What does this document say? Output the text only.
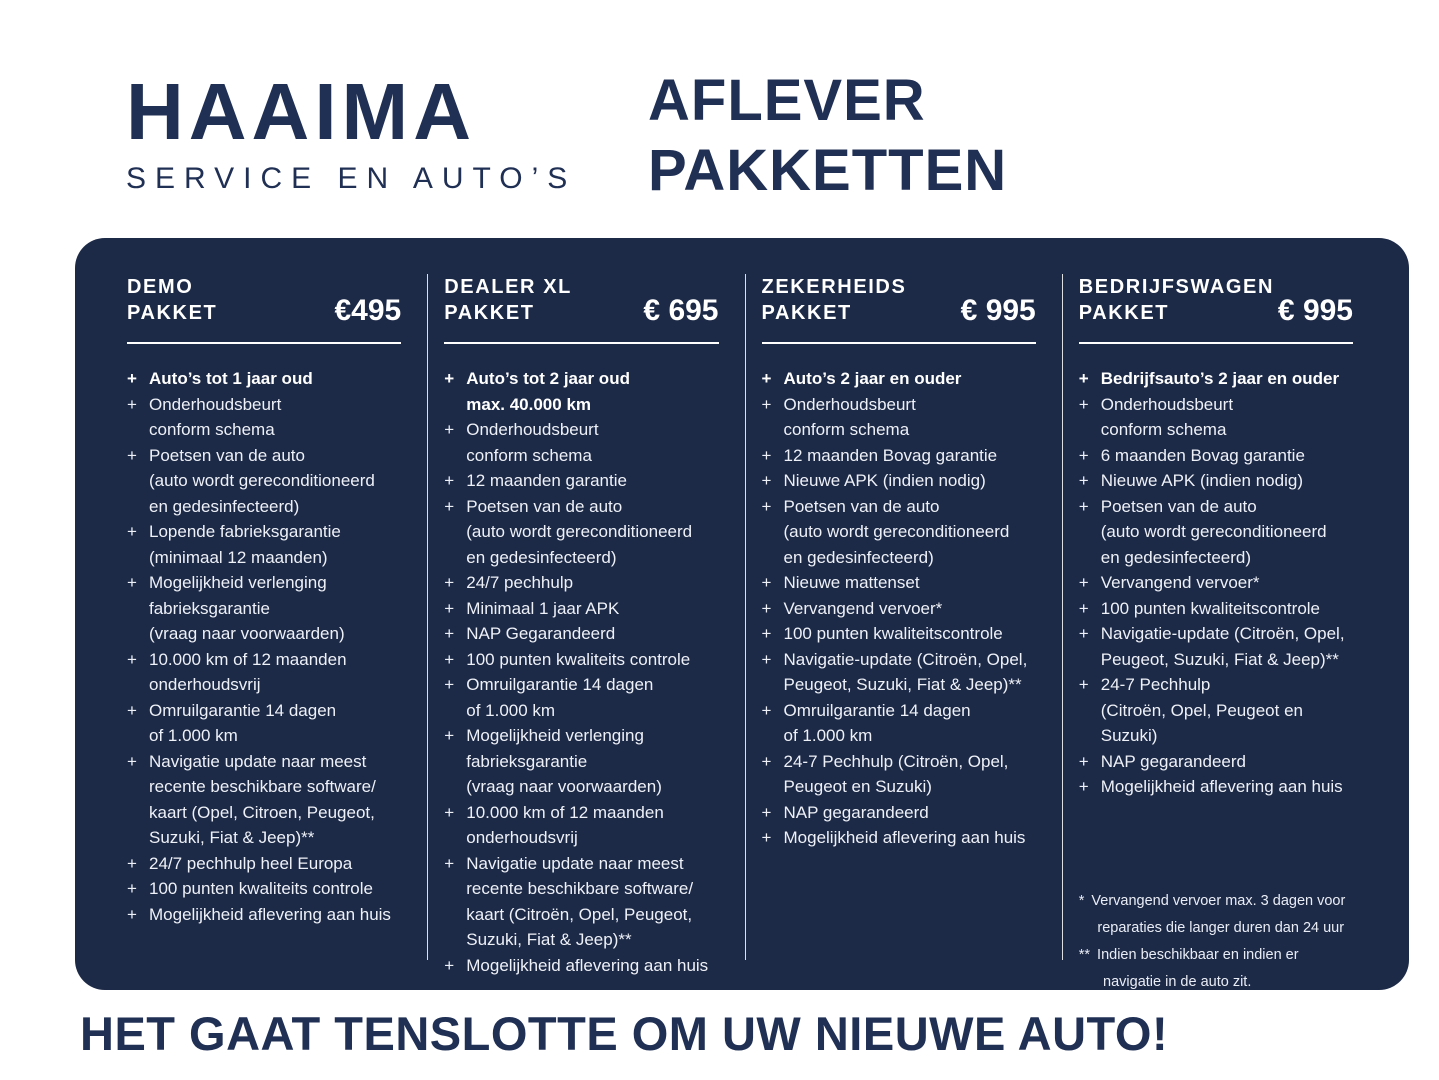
HAAIMA
SERVICE EN AUTO’S
AFLEVER
PAKKETTEN
DEMO
PAKKET	€495
+ Auto’s tot 1 jaar oud
+ Onderhoudsbeurt
conform schema
+ Poetsen van de auto
(auto wordt gereconditioneerd
en gedesinfecteerd)
+ Lopende fabrieksgarantie
(minimaal 12 maanden)
+ Mogelijkheid verlenging
fabrieksgarantie
(vraag naar voorwaarden)
+ 10.000 km of 12 maanden
onderhoudsvrij
+ Omruilgarantie 14 dagen
of 1.000 km
+ Navigatie update naar meest
recente beschikbare software/
kaart (Opel, Citroen, Peugeot,
Suzuki, Fiat & Jeep)**
+ 24/7 pechhulp heel Europa
+ 100 punten kwaliteits controle
+ Mogelijkheid aflevering aan huis
DEALER XL
PAKKET	€ 695
+ Auto’s tot 2 jaar oud
max. 40.000 km
+ Onderhoudsbeurt
conform schema
+ 12 maanden garantie
+ Poetsen van de auto
(auto wordt gereconditioneerd
en gedesinfecteerd)
+ 24/7 pechhulp
+ Minimaal 1 jaar APK
+ NAP Gegarandeerd
+ 100 punten kwaliteits controle
+ Omruilgarantie 14 dagen
of 1.000 km
+ Mogelijkheid verlenging
fabrieksgarantie
(vraag naar voorwaarden)
+ 10.000 km of 12 maanden
onderhoudsvrij
+ Navigatie update naar meest
recente beschikbare software/
kaart (Citroën, Opel, Peugeot,
Suzuki, Fiat & Jeep)**
+ Mogelijkheid aflevering aan huis
ZEKERHEIDS
PAKKET	€ 995
+ Auto’s 2 jaar en ouder
+ Onderhoudsbeurt
conform schema
+ 12 maanden Bovag garantie
+ Nieuwe APK (indien nodig)
+ Poetsen van de auto
(auto wordt gereconditioneerd
en gedesinfecteerd)
+ Nieuwe mattenset
+ Vervangend vervoer*
+ 100 punten kwaliteitscontrole
+ Navigatie-update (Citroën, Opel,
Peugeot, Suzuki, Fiat & Jeep)**
+ Omruilgarantie 14 dagen
of 1.000 km
+ 24-7 Pechhulp (Citroën, Opel,
Peugeot en Suzuki)
+ NAP gegarandeerd
+ Mogelijkheid aflevering aan huis
BEDRIJFSWAGEN
PAKKET	€ 995
+ Bedrijfsauto’s 2 jaar en ouder
+ Onderhoudsbeurt
conform schema
+ 6 maanden Bovag garantie
+ Nieuwe APK (indien nodig)
+ Poetsen van de auto
(auto wordt gereconditioneerd
en gedesinfecteerd)
+ Vervangend vervoer*
+ 100 punten kwaliteitscontrole
+ Navigatie-update (Citroën, Opel,
Peugeot, Suzuki, Fiat & Jeep)**
+ 24-7 Pechhulp
(Citroën, Opel, Peugeot en Suzuki)
+ NAP gegarandeerd
+ Mogelijkheid aflevering aan huis
* Vervangend vervoer max. 3 dagen voor
reparaties die langer duren dan 24 uur
** Indien beschikbaar en indien er
navigatie in de auto zit.
HET GAAT TENSLOTTE OM UW NIEUWE AUTO!
